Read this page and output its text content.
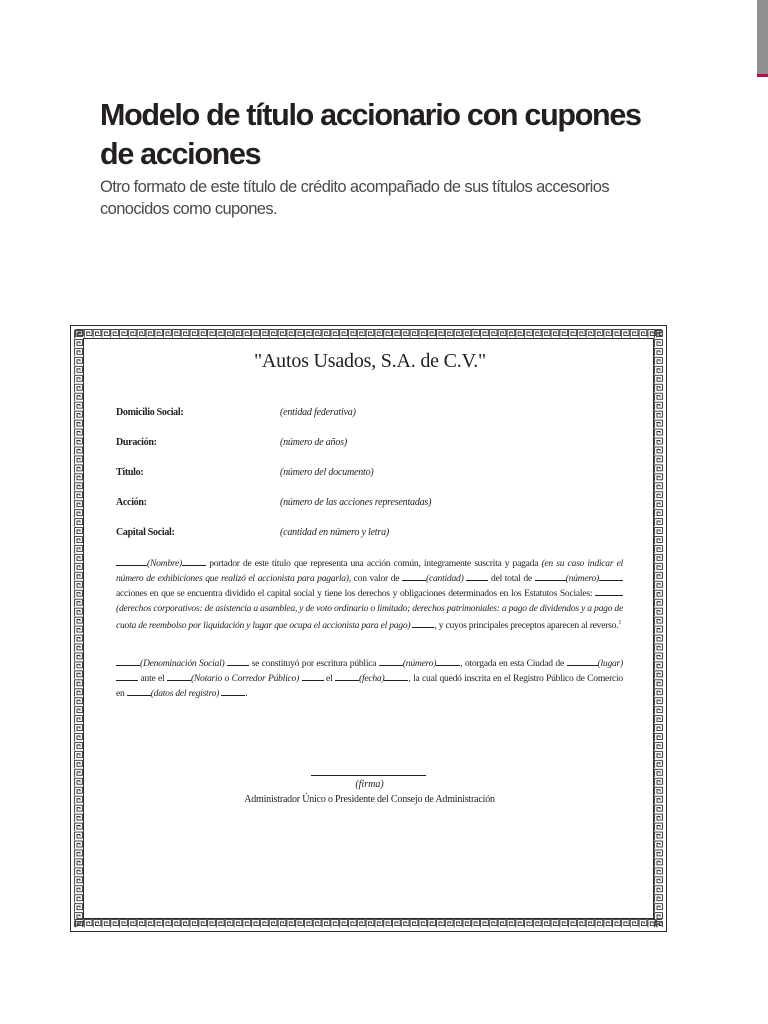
Modelo de título accionario con cupones de acciones

Otro formato de este título de crédito acompañado de sus títulos accesorios conocidos como cupones.

"Autos Usados, S.A. de C.V."
Domicilio Social:	(entidad federativa)
Duración:	(número de años)
Título:	(número del documento)
Acción:	(número de las acciones representadas)
Capital Social:	(cantidad en número y letra)

(Nombre)	portador de este título que representa una acción común, íntegramente suscrita y pagada (en su caso indicar el número de exhibiciones que realizó el accionista para pagarla), con valor de	(cantidad)	del total de	(número) acciones en que se encuentra dividido el capital social y tiene los derechos y obligaciones determinados en los Estatutos Sociales: (derechos corporativos: de asistencia a asamblea, y de voto ordinario o limitado; derechos patrimoniales: a pago de dividendos y a pago de cuota de reembolso por liquidación y lugar que ocupa el accionista para el pago)	, y cuyos principales preceptos aparecen al reverso.$^1$

(Denominación Social)	se constituyó por escritura pública	(número)	, otorgada en esta Ciudad de	(lugar)  ante el	(Notario o Corredor Público)	el	(fecha)	, la cual quedó inscrita en el Registro Público de Comercio en	(datos del registro)	.

(firma)
Administrador Único o Presidente del Consejo de Administración
